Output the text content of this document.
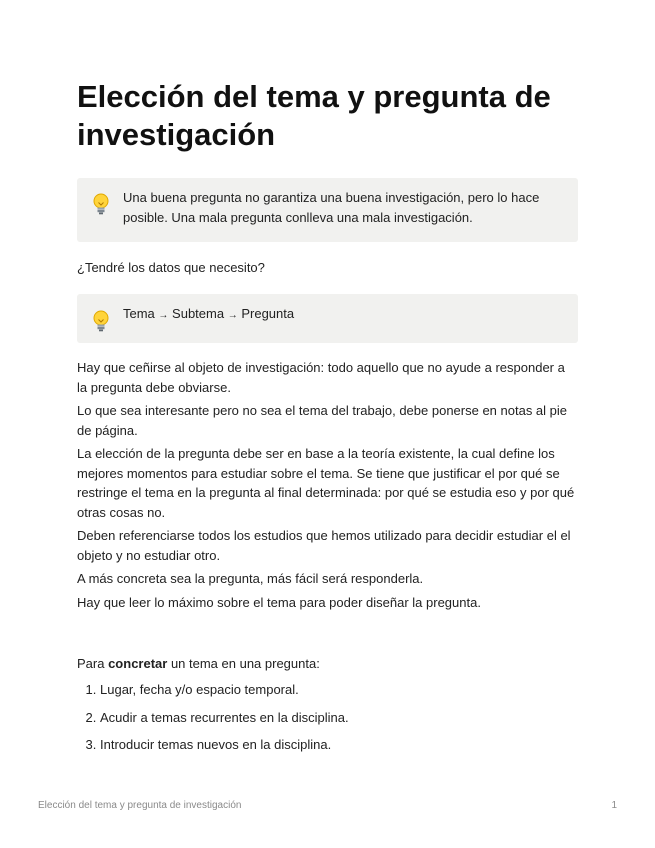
Elección del tema y pregunta de investigación

Una buena pregunta no garantiza una buena investigación, pero lo hace posible. Una mala pregunta conlleva una mala investigación.

¿Tendré los datos que necesito?

Tema → Subtema → Pregunta

Hay que ceñirse al objeto de investigación: todo aquello que no ayude a responder a la pregunta debe obviarse.

Lo que sea interesante pero no sea el tema del trabajo, debe ponerse en notas al pie de página.

La elección de la pregunta debe ser en base a la teoría existente, la cual define los mejores momentos para estudiar sobre el tema. Se tiene que justificar el por qué se restringe el tema en la pregunta al final determinada: por qué se estudia eso y por qué otras cosas no.

Deben referenciarse todos los estudios que hemos utilizado para decidir estudiar el el objeto y no estudiar otro.

A más concreta sea la pregunta, más fácil será responderla.

Hay que leer lo máximo sobre el tema para poder diseñar la pregunta.

Para concretar un tema en una pregunta:
1. Lugar, fecha y/o espacio temporal.
2. Acudir a temas recurrentes en la disciplina.
3. Introducir temas nuevos en la disciplina.
Elección del tema y pregunta de investigación	1
